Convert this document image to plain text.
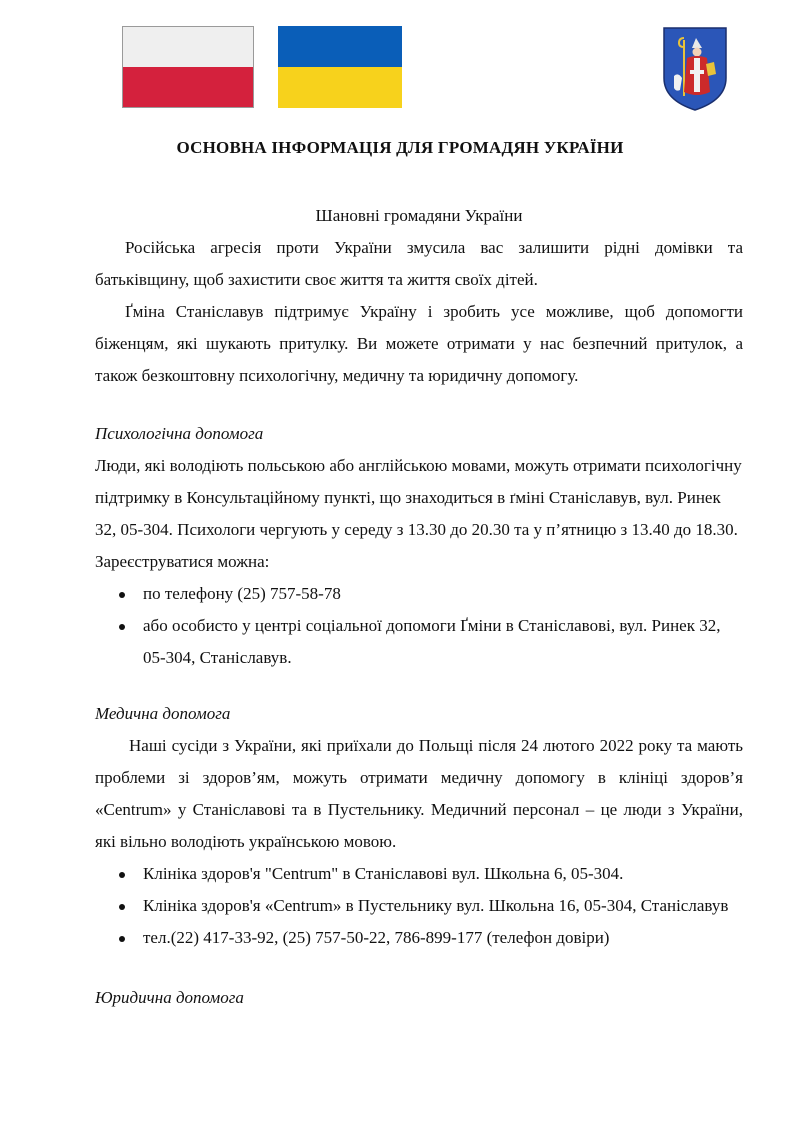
ОСНОВНА ІНФОРМАЦІЯ ДЛЯ ГРОМАДЯН УКРАЇНИ

Шановні громадяни України

Російська агресія проти України змусила вас залишити рідні домівки та батьківщину, щоб захистити своє життя та життя своїх дітей.

Ґміна Станіславув підтримує Україну і зробить усе можливе, щоб допомогти біженцям, які шукають притулку. Ви можете отримати у нас безпечний притулок, а також безкоштовну психологічну, медичну та юридичну допомогу.

Психологічна допомога

Люди, які володіють польською або англійською мовами, можуть отримати психологічну підтримку в Консультаційному пункті, що знаходиться в ґміні Станіславув, вул. Ринек 32, 05-304. Психологи чергують у середу з 13.30 до 20.30 та у п’ятницю з 13.40 до 18.30.

Зареєструватися можна:

по телефону (25) 757-58-78
або особисто у центрі соціальної допомоги Ґміни в Станіславові, вул. Ринек 32, 05-304, Станіславув.

Медична допомога

Наші сусіди з України, які приїхали до Польщі після 24 лютого 2022 року та мають проблеми зі здоров’ям, можуть отримати медичну допомогу в клініці здоров’я «Centrum» у Станіславові та в Пустельнику. Медичний персонал – це люди з України, які вільно володіють українською мовою.

Клініка здоров'я "Centrum" в Станіславові вул. Школьна 6, 05-304.
Клініка здоров'я «Centrum» в Пустельнику вул. Школьна 16, 05-304, Станіславув
тел.(22) 417-33-92, (25) 757-50-22, 786-899-177 (телефон довіри)

Юридична допомога
